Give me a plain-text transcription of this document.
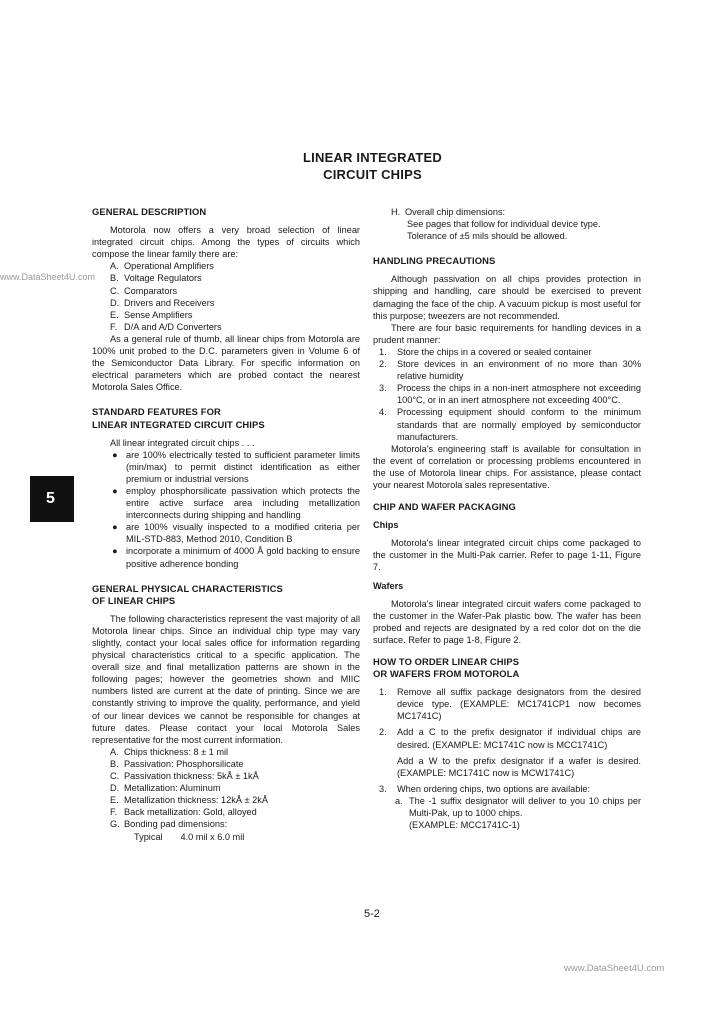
www.DataSheet4U.com
www.DataSheet4U.com
LINEAR INTEGRATED
CIRCUIT CHIPS
5
GENERAL DESCRIPTION

Motorola now offers a very broad selection of linear integrated circuit chips. Among the types of circuits which compose the linear family there are:

A. Operational Amplifiers
B. Voltage Regulators
C. Comparators
D. Drivers and Receivers
E. Sense Amplifiers
F. D/A and A/D Converters

As a general rule of thumb, all linear chips from Motorola are 100% unit probed to the D.C. parameters given in Volume 6 of the Semiconductor Data Library. For specific information on electrical parameters which are probed contact the nearest Motorola Sales Office.

STANDARD FEATURES FOR
LINEAR INTEGRATED CIRCUIT CHIPS

All linear integrated circuit chips . . .

● are 100% electrically tested to sufficient parameter limits (min/max) to permit distinct identification as either premium or industrial versions
● employ phosphorsilicate passivation which protects the entire active surface area including metallization interconnects during shipping and handling
● are 100% visually inspected to a modified criteria per MIL-STD-883, Method 2010, Condition B
● incorporate a minimum of 4000 Å gold backing to ensure positive adherence bonding
GENERAL PHYSICAL CHARACTERISTICS
OF LINEAR CHIPS

The following characteristics represent the vast majority of all Motorola linear chips. Since an individual chip type may vary slightly, contact your local sales office for information regarding physical characteristics critical to a specific application. The overall size and final metallization patterns are shown in the following pages; however the geometries shown and MIIC numbers listed are current at the date of printing. Since we are constantly striving to improve the quality, performance, and yield of our linear devices we cannot be responsible for changes at future dates. Please contact your local Motorola Sales representative for the most current information.

A. Chips thickness: 8 ± 1 mil
B. Passivation: Phosphorsilicate
C. Passivation thickness: 5kÅ ± 1kÅ
D. Metallization: Aluminum
E. Metallization thickness: 12kÅ ± 2kÅ
F. Back metallization: Gold, alloyed
G. Bonding pad dimensions:
Typical 4.0 mil x 6.0 mil
H. Overall chip dimensions:
See pages that follow for individual device type.
Tolerance of ±5 mils should be allowed.
HANDLING PRECAUTIONS

Although passivation on all chips provides protection in shipping and handling, care should be exercised to prevent damaging the face of the chip. A vacuum pickup is most useful for this purpose; tweezers are not recommended.

There are four basic requirements for handling devices in a prudent manner:

1. Store the chips in a covered or sealed container
2. Store devices in an environment of no more than 30% relative humidity
3. Process the chips in a non-inert atmosphere not exceeding 100°C, or in an inert atmosphere not exceeding 400°C.
4. Processing equipment should conform to the minimum standards that are normally employed by semiconductor manufacturers.

Motorola's engineering staff is available for consultation in the event of correlation or processing problems encountered in the use of Motorola linear chips. For assistance, please contact your nearest Motorola sales representative.

CHIP AND WAFER PACKAGING
Chips

Motorola's linear integrated circuit chips come packaged to the customer in the Multi-Pak carrier. Refer to page 1-11, Figure 7.

Wafers

Motorola's linear integrated circuit wafers come packaged to the customer in the Wafer-Pak plastic bow. The wafer has been probed and rejects are designated by a red color dot on the die surface. Refer to page 1-8, Figure 2.

HOW TO ORDER LINEAR CHIPS
OR WAFERS FROM MOTOROLA
1. Remove all suffix package designators from the desired device type. (EXAMPLE: MC1741CP1 now becomes MC1741C)
2. Add a C to the prefix designator if individual chips are desired. (EXAMPLE: MC1741C now is MCC1741C)
Add a W to the prefix designator if a wafer is desired. (EXAMPLE: MC1741C now is MCW1741C)
3. When ordering chips, two options are available:
a. The -1 suffix designator will deliver to you 10 chips per Multi-Pak, up to 1000 chips.

(EXAMPLE: MCC1741C-1)
5-2
